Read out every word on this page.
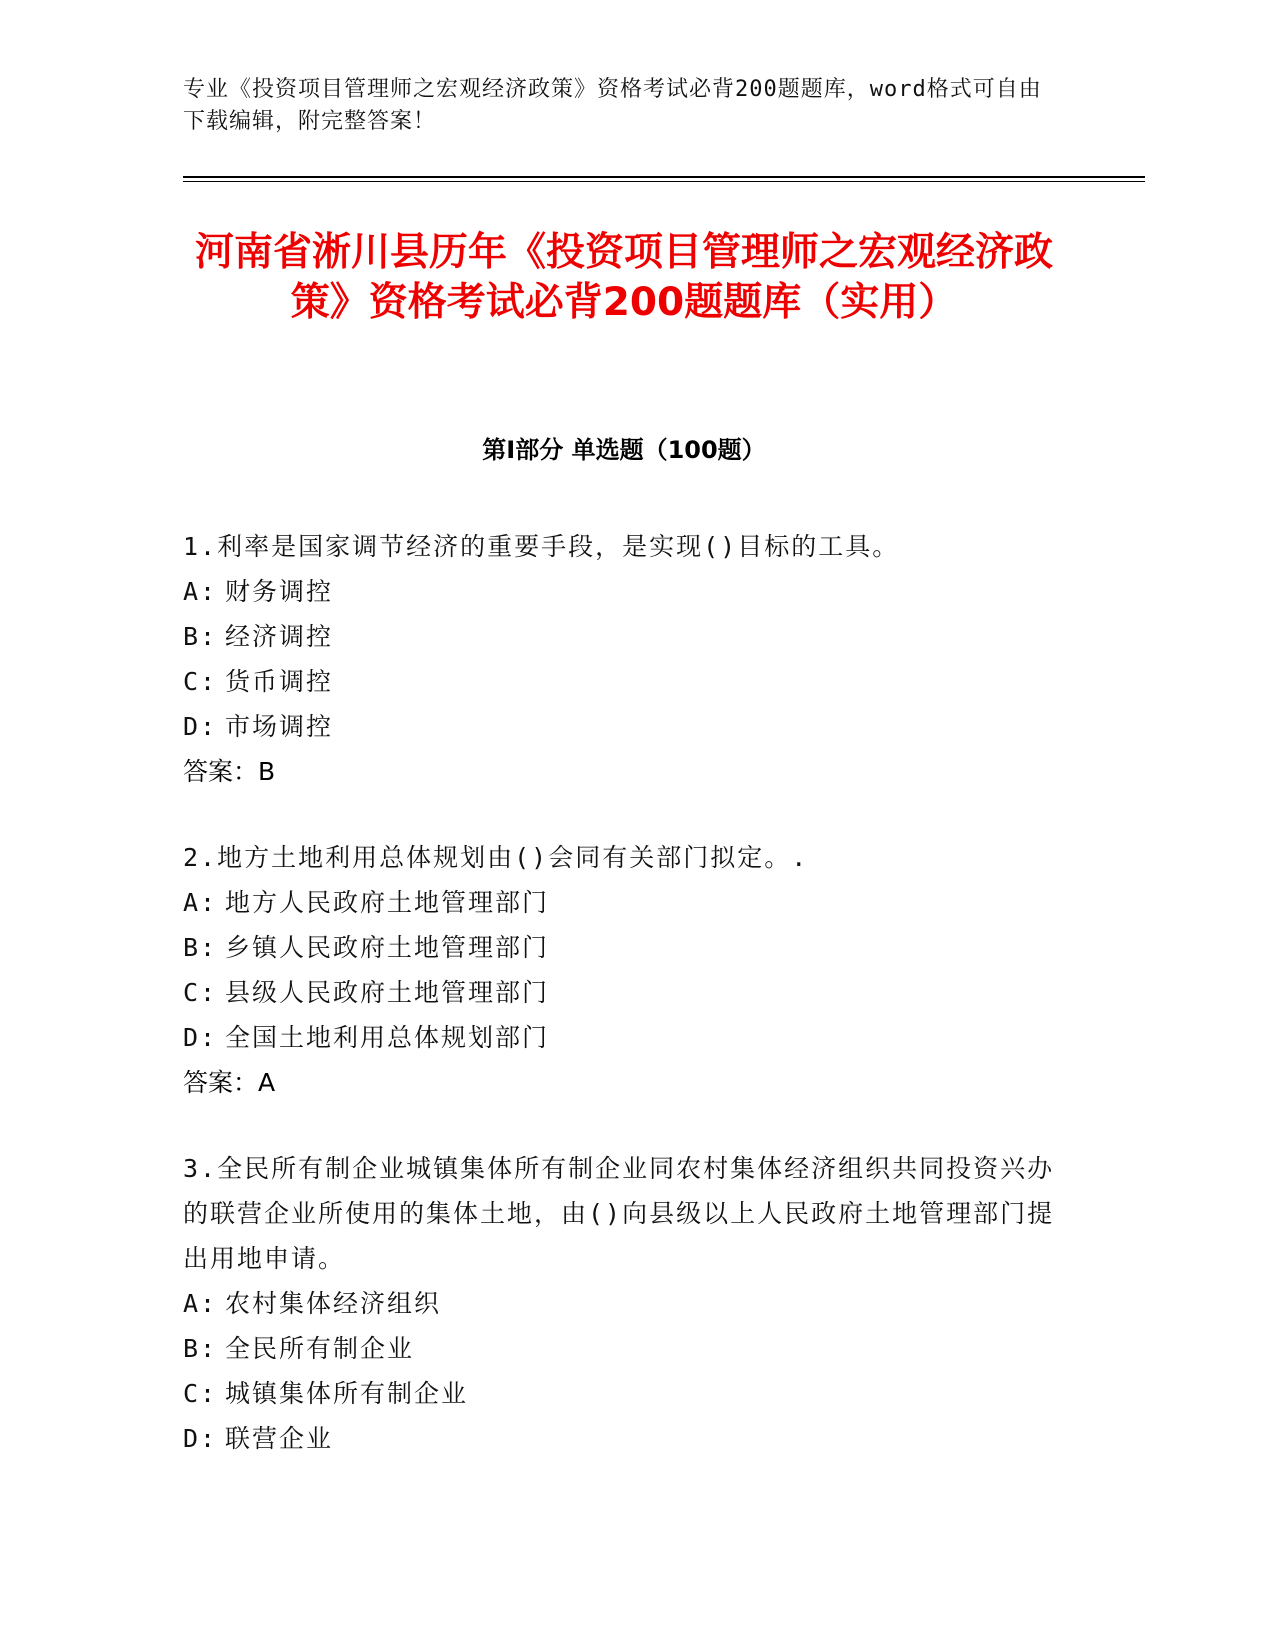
专业《投资项目管理师之宏观经济政策》资格考试必背200题题库，word格式可自由下载编辑，附完整答案！
河南省淅川县历年《投资项目管理师之宏观经济政策》资格考试必背200题题库（实用）
第I部分 单选题（100题）
1.利率是国家调节经济的重要手段，是实现()目标的工具。
A: 财务调控
B: 经济调控
C: 货币调控
D: 市场调控
答案：B
2.地方土地利用总体规划由()会同有关部门拟定。.
A: 地方人民政府土地管理部门
B: 乡镇人民政府土地管理部门
C: 县级人民政府土地管理部门
D: 全国土地利用总体规划部门
答案：A
3.全民所有制企业城镇集体所有制企业同农村集体经济组织共同投资兴办的联营企业所使用的集体土地，由()向县级以上人民政府土地管理部门提出用地申请。
A: 农村集体经济组织
B: 全民所有制企业
C: 城镇集体所有制企业
D: 联营企业
